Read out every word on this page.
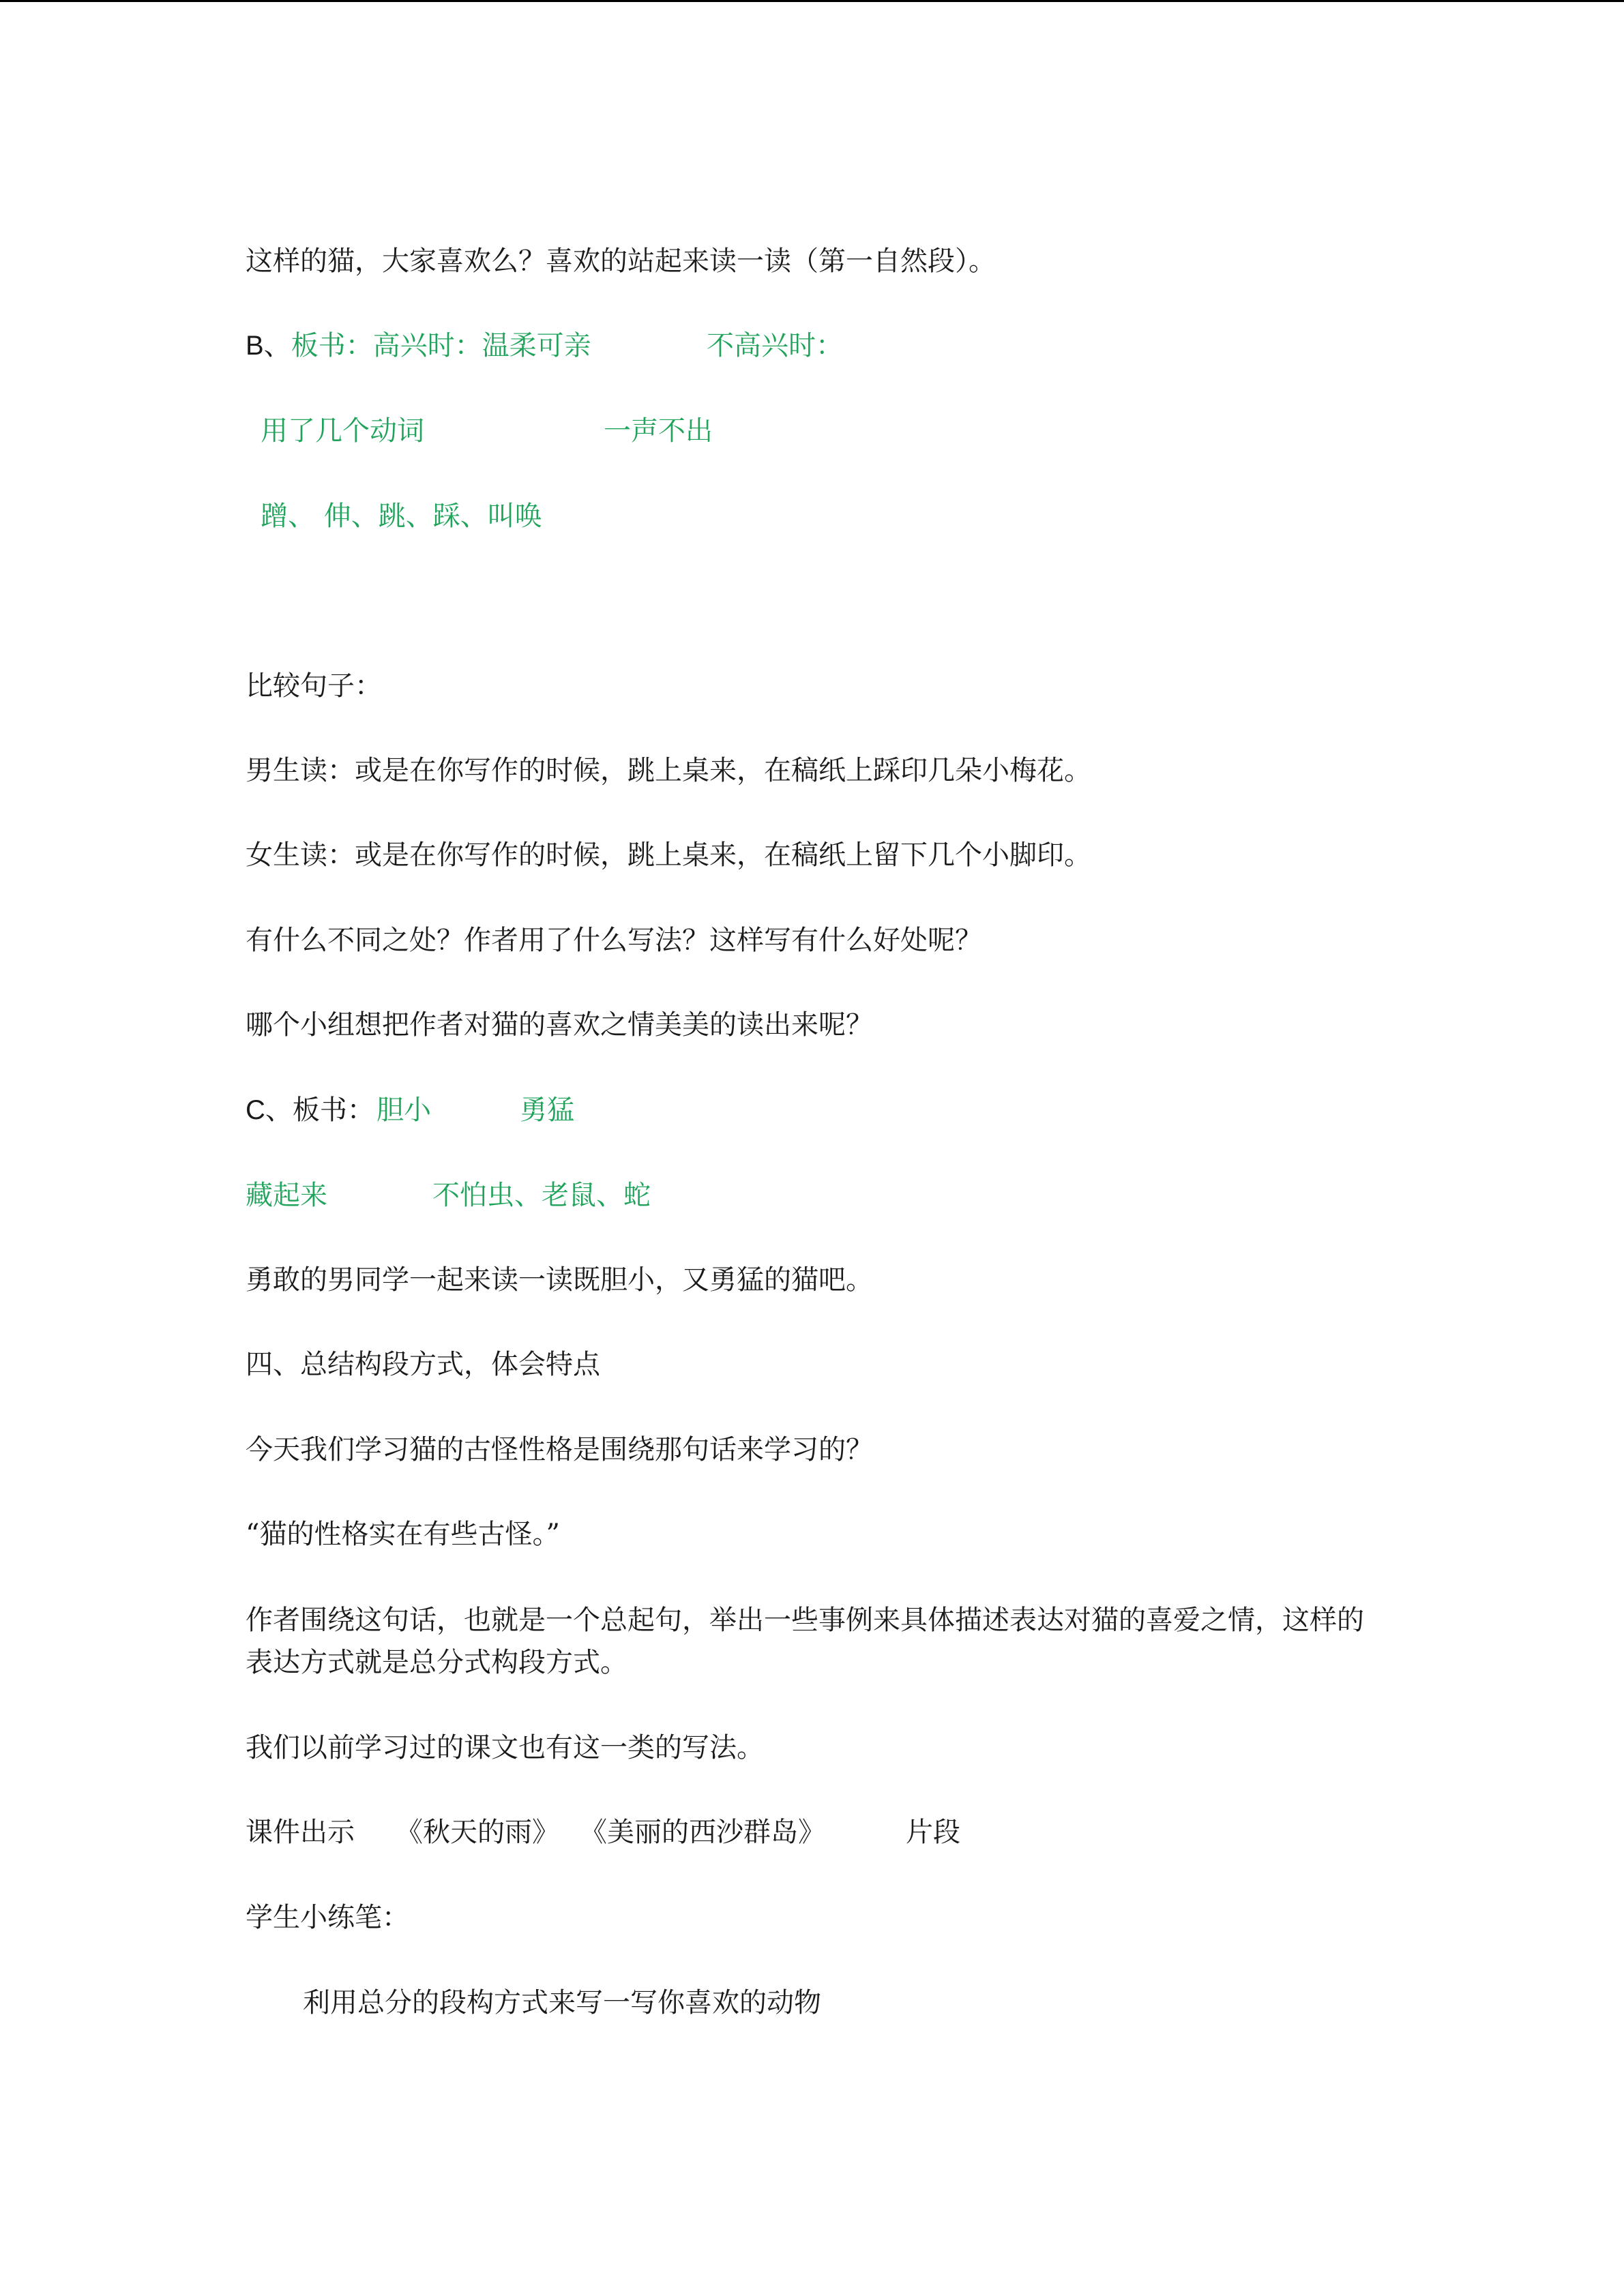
这样的猫，大家喜欢么？喜欢的站起来读一读（第一自然段）。
B、板书：高兴时：温柔可亲	不高兴时：
用了几个动词	一声不出
蹭、 伸、跳、踩、叫唤
比较句子：
男生读：或是在你写作的时候，跳上桌来，在稿纸上踩印几朵小梅花。
女生读：或是在你写作的时候，跳上桌来，在稿纸上留下几个小脚印。
有什么不同之处？作者用了什么写法？这样写有什么好处呢？
哪个小组想把作者对猫的喜欢之情美美的读出来呢？
C、板书： 胆小	勇猛
藏起来	不怕虫、老鼠、蛇
勇敢的男同学一起来读一读既胆小，又勇猛的猫吧。
四、总结构段方式，体会特点
今天我们学习猫的古怪性格是围绕那句话来学习的？
“猫的性格实在有些古怪。”
作者围绕这句话，也就是一个总起句，举出一些事例来具体描述表达对猫的喜爱之情，这样的表达方式就是总分式构段方式。
我们以前学习过的课文也有这一类的写法。
课件出示 《秋天的雨》 《美丽的西沙群岛》	片段
学生小练笔：
利用总分的段构方式来写一写你喜欢的动物
